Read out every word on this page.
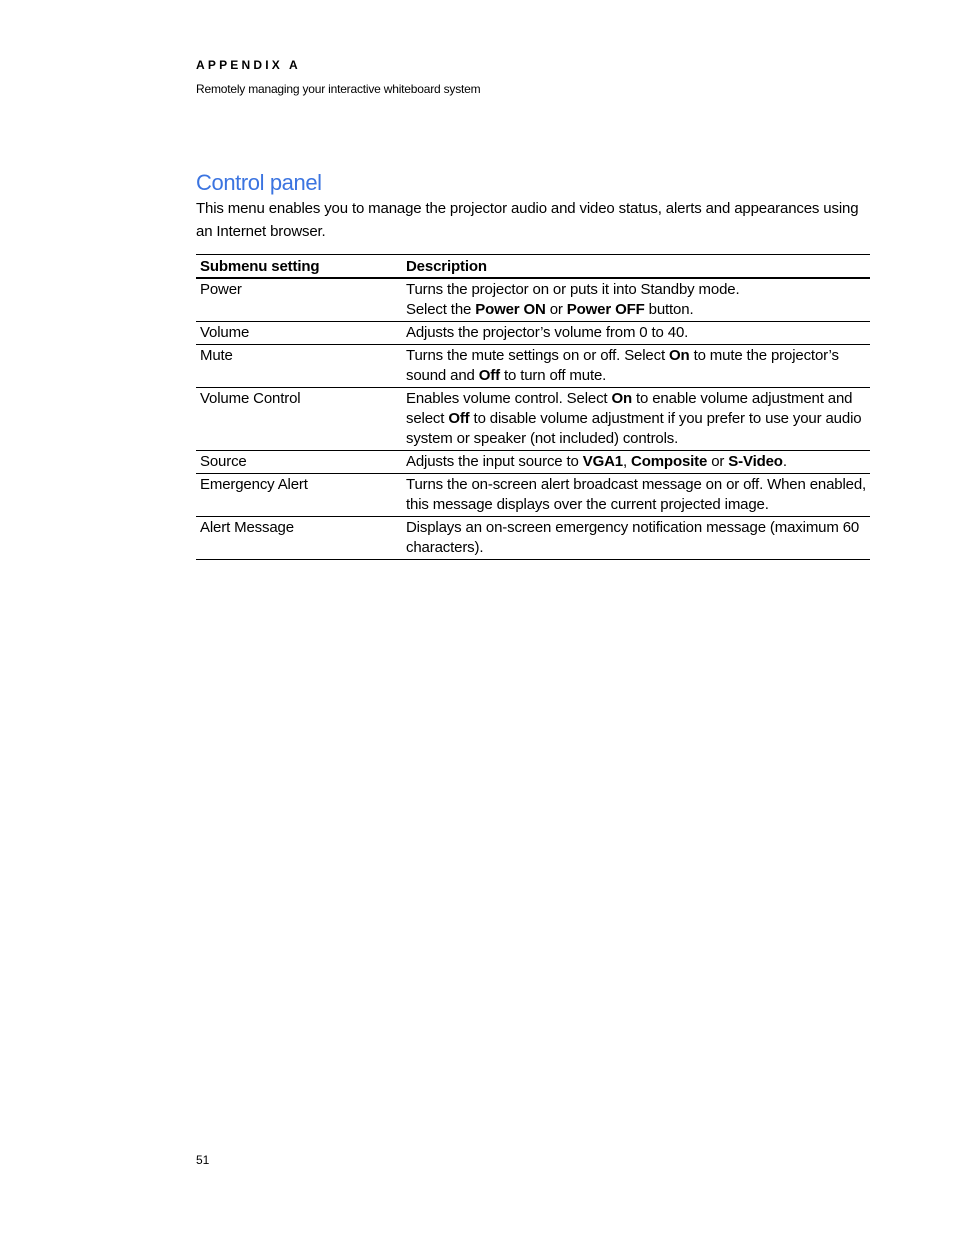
APPENDIX A
Remotely managing your interactive whiteboard system
Control panel
This menu enables you to manage the projector audio and video status, alerts and appearances using an Internet browser.
Submenu setting	Description
Power	Turns the projector on or puts it into Standby mode.
Select the Power ON or Power OFF button.
Volume	Adjusts the projector’s volume from 0 to 40.
Mute	Turns the mute settings on or off. Select On to mute the projector’s sound and Off to turn off mute.
Volume Control	Enables volume control. Select On to enable volume adjustment and select Off to disable volume adjustment if you prefer to use your audio system or speaker (not included) controls.
Source	Adjusts the input source to VGA1, Composite or S-Video.
Emergency Alert	Turns the on-screen alert broadcast message on or off. When enabled, this message displays over the current projected image.
Alert Message	Displays an on-screen emergency notification message (maximum 60 characters).
51
